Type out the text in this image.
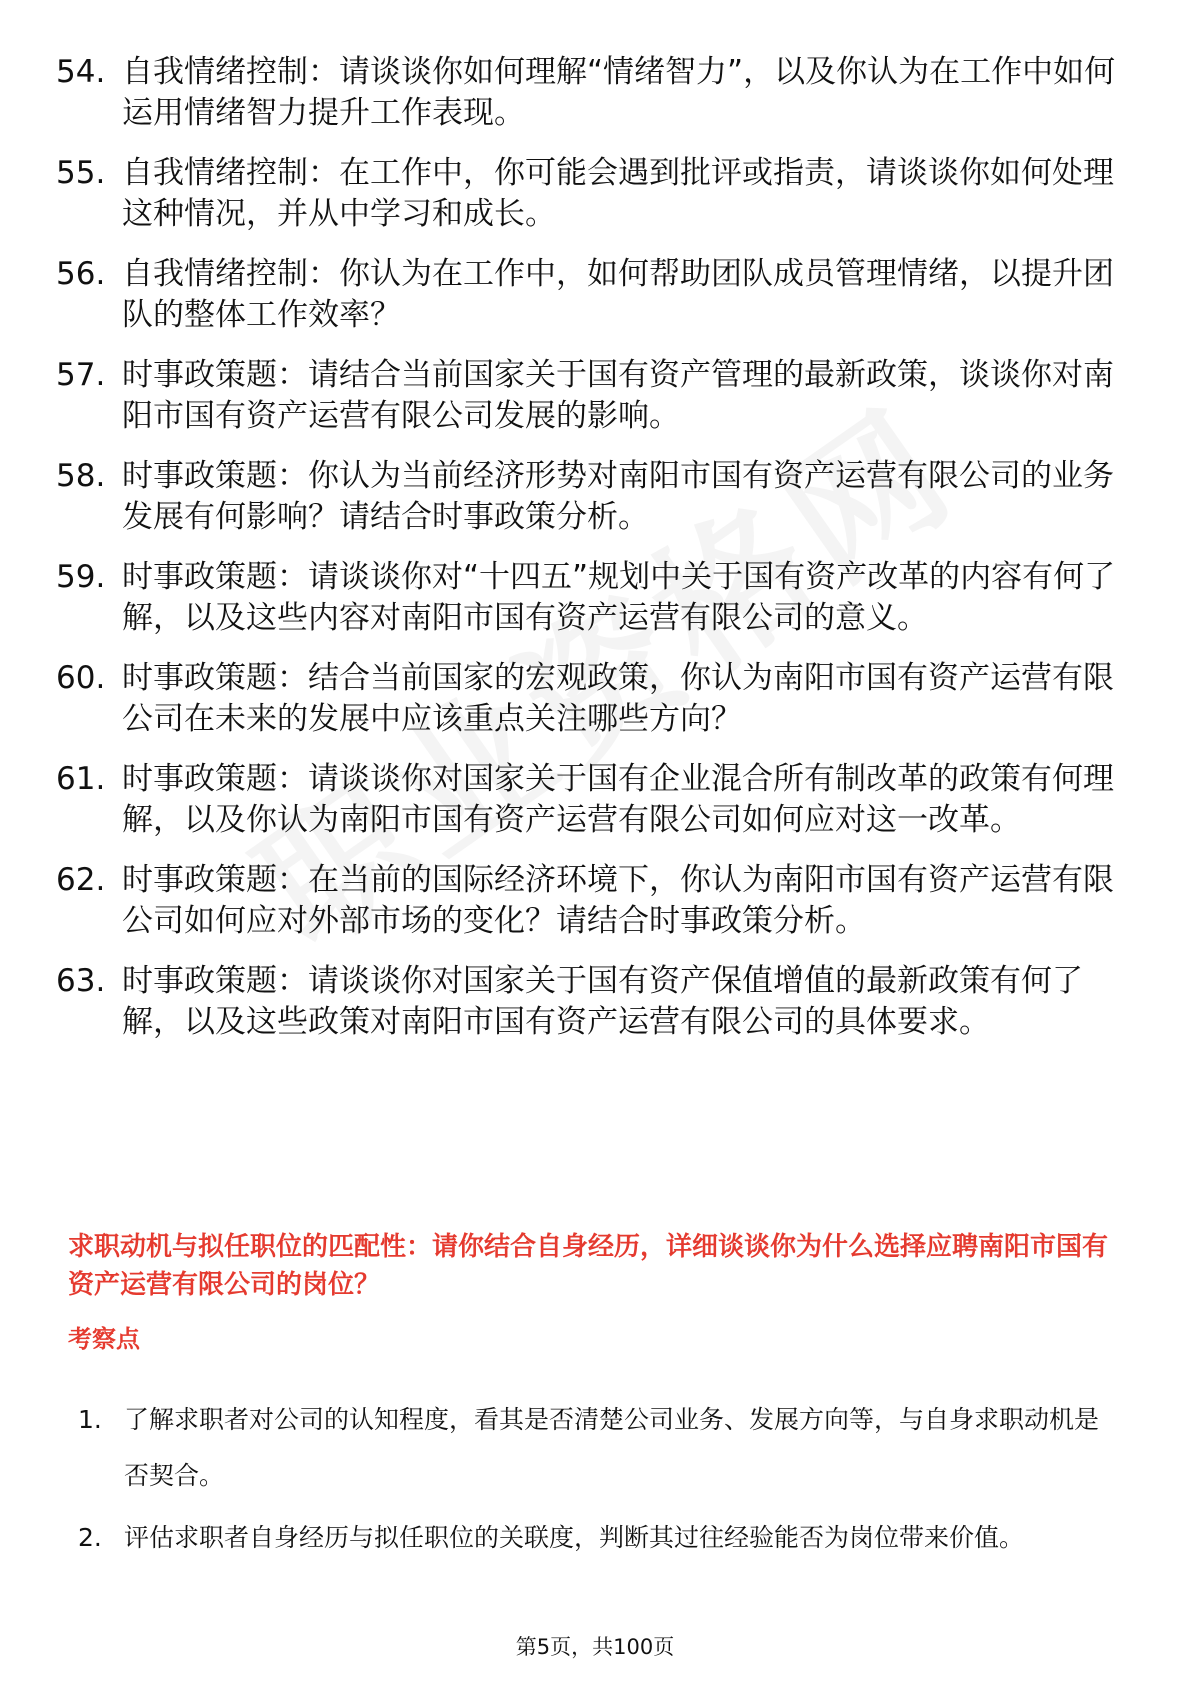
54. 自我情绪控制：请谈谈你如何理解“情绪智力”，以及你认为在工作中如何运用情绪智力提升工作表现。
55. 自我情绪控制：在工作中，你可能会遇到批评或指责，请谈谈你如何处理这种情况，并从中学习和成长。
56. 自我情绪控制：你认为在工作中，如何帮助团队成员管理情绪，以提升团队的整体工作效率？
57. 时事政策题：请结合当前国家关于国有资产管理的最新政策，谈谈你对南阳市国有资产运营有限公司发展的影响。
58. 时事政策题：你认为当前经济形势对南阳市国有资产运营有限公司的业务发展有何影响？请结合时事政策分析。
59. 时事政策题：请谈谈你对“十四五”规划中关于国有资产改革的内容有何了解，以及这些内容对南阳市国有资产运营有限公司的意义。
60. 时事政策题：结合当前国家的宏观政策，你认为南阳市国有资产运营有限公司在未来的发展中应该重点关注哪些方向？
61. 时事政策题：请谈谈你对国家关于国有企业混合所有制改革的政策有何理解，以及你认为南阳市国有资产运营有限公司如何应对这一改革。
62. 时事政策题：在当前的国际经济环境下，你认为南阳市国有资产运营有限公司如何应对外部市场的变化？请结合时事政策分析。
63. 时事政策题：请谈谈你对国家关于国有资产保值增值的最新政策有何了解，以及这些政策对南阳市国有资产运营有限公司的具体要求。
求职动机与拟任职位的匹配性：请你结合自身经历，详细谈谈你为什么选择应聘南阳市国有资产运营有限公司的岗位？
考察点
1. 了解求职者对公司的认知程度，看其是否清楚公司业务、发展方向等，与自身求职动机是否契合。
2. 评估求职者自身经历与拟任职位的关联度，判断其过往经验能否为岗位带来价值。
第5页，共100页
